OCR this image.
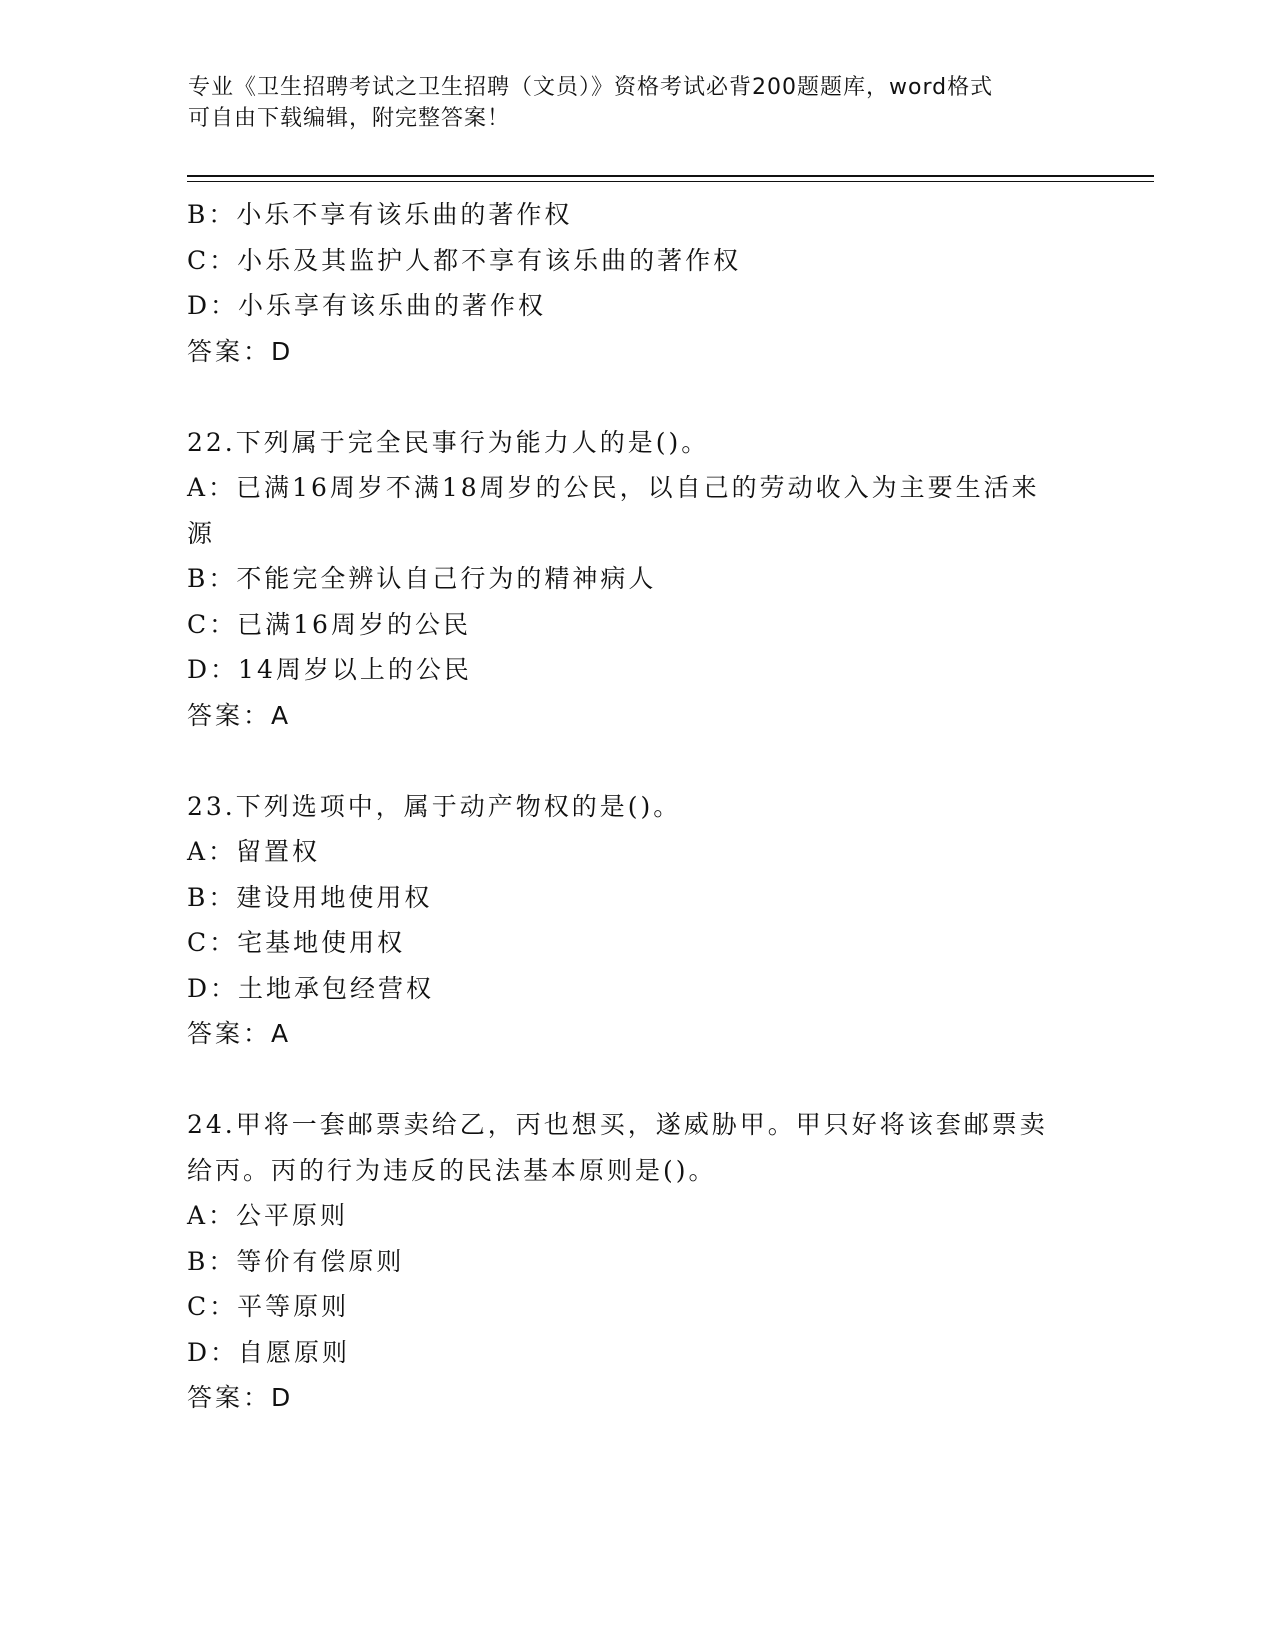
专业《卫生招聘考试之卫生招聘（文员）》资格考试必背200题题库，word格式
可自由下载编辑，附完整答案！
B：小乐不享有该乐曲的著作权
C：小乐及其监护人都不享有该乐曲的著作权
D：小乐享有该乐曲的著作权
答案：D
22.下列属于完全民事行为能力人的是()。
A：已满16周岁不满18周岁的公民，以自己的劳动收入为主要生活来
源
B：不能完全辨认自己行为的精神病人
C：已满16周岁的公民
D：14周岁以上的公民
答案：A
23.下列选项中，属于动产物权的是()。
A：留置权
B：建设用地使用权
C：宅基地使用权
D：土地承包经营权
答案：A
24.甲将一套邮票卖给乙，丙也想买，遂威胁甲。甲只好将该套邮票卖
给丙。丙的行为违反的民法基本原则是()。
A：公平原则
B：等价有偿原则
C：平等原则
D：自愿原则
答案：D
